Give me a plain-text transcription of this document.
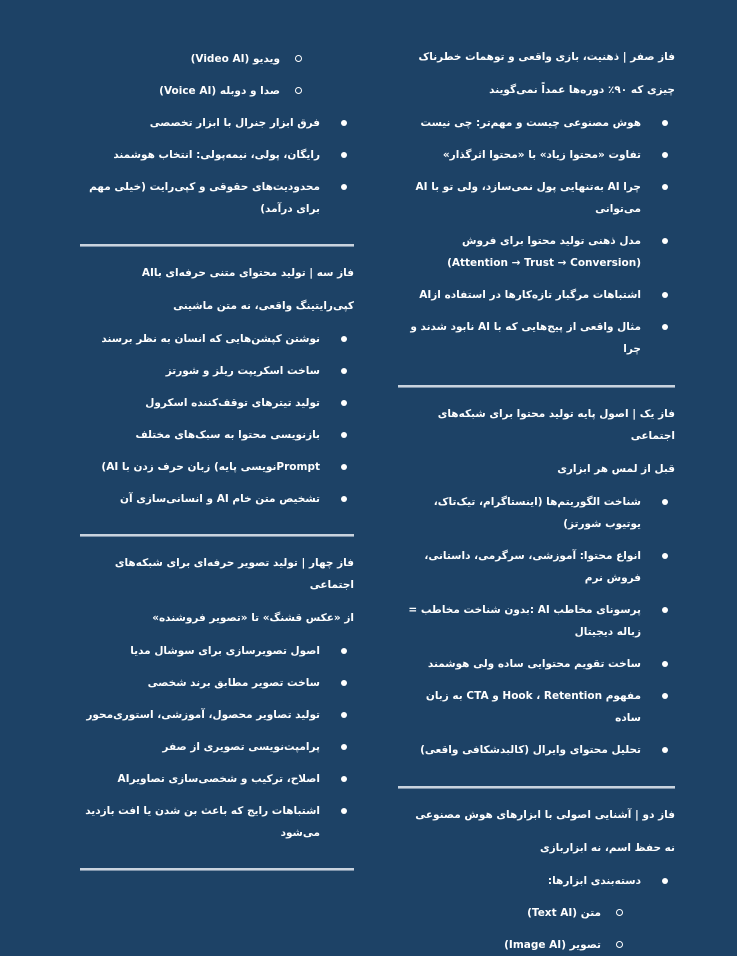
فاز صفر | ذهنیت، بازی واقعی و توهمات خطرناک

چیزی که ۹۰٪ دوره‌ها عمداً نمی‌گویند

هوش مصنوعی چیست و مهم‌تر: چی نیست
تفاوت «محتوا زیاد» با «محتوا اثرگذار»
چرا AI به‌تنهایی پول نمی‌سازد، ولی تو با AI می‌توانی
مدل ذهنی تولید محتوا برای فروش (Attention → Trust → Conversion)
اشتباهات مرگبار تازه‌کارها در استفاده ازAI
مثال واقعی از پیج‌هایی که با AI نابود شدند و چرا

فاز یک | اصول پایه تولید محتوا برای شبکه‌های اجتماعی

قبل از لمس هر ابزاری

شناخت الگوریتم‌ها (اینستاگرام، تیک‌تاک، یوتیوب شورتز)
انواع محتوا: آموزشی، سرگرمی، داستانی، فروش نرم
پرسونای مخاطب AI :بدون شناخت مخاطب = زباله دیجیتال
ساخت تقویم محتوایی ساده ولی هوشمند
مفهوم Hook ، Retention و CTA به زبان ساده
تحلیل محتوای وایرال (کالبدشکافی واقعی)

فاز دو | آشنایی اصولی با ابزارهای هوش مصنوعی

نه حفظ اسم، نه ابزاربازی

دسته‌بندی ابزارها:
متن (Text AI)
تصویر (Image AI)
ویدیو (Video AI)
صدا و دوبله (Voice AI)
فرق ابزار جنرال با ابزار تخصصی
رایگان، پولی، نیمه‌پولی: انتخاب هوشمند
محدودیت‌های حقوقی و کپی‌رایت (خیلی مهم برای درآمد)

فاز سه | تولید محتوای متنی حرفه‌ای باAI

کپی‌رایتینگ واقعی، نه متن ماشینی

نوشتن کپشن‌هایی که انسان به نظر برسند
ساخت اسکریپت ریلز و شورتز
تولید تیترهای توقف‌کننده اسکرول
بازنویسی محتوا به سبک‌های مختلف
Prompt‌نویسی پایه) زبان حرف زدن با AI)
تشخیص متن خام AI و انسانی‌سازی آن

فاز چهار | تولید تصویر حرفه‌ای برای شبکه‌های اجتماعی

از «عکس قشنگ» تا «تصویر فروشنده»

اصول تصویرسازی برای سوشال مدیا
ساخت تصویر مطابق برند شخصی
تولید تصاویر محصول، آموزشی، استوری‌محور
پرامپت‌نویسی تصویری از صفر
اصلاح، ترکیب و شخصی‌سازی تصاویرAI
اشتباهات رایج که باعث بن شدن یا افت بازدید می‌شود
